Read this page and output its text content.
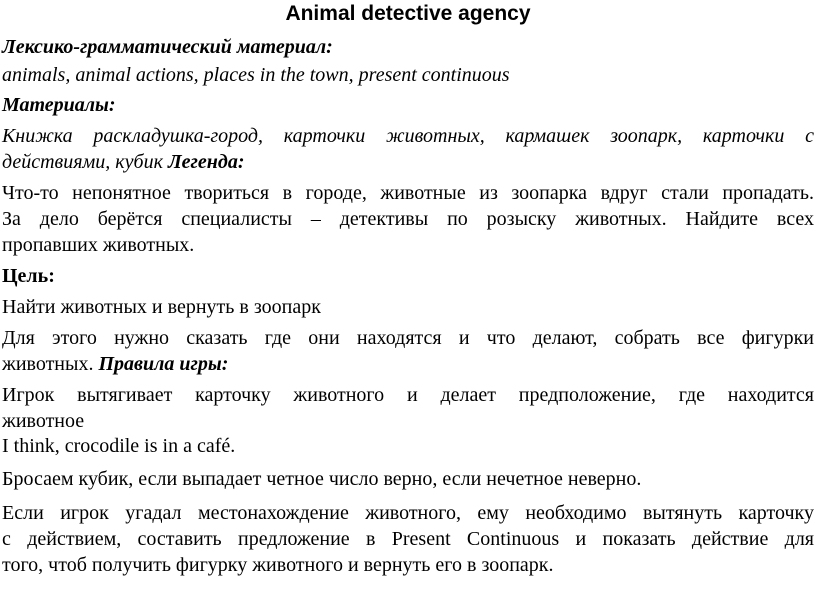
Animal detective agency
Лексико-грамматический материал:
animals, animal actions, places in the town, present continuous
Материалы:
Книжка раскладушка-город, карточки животных, кармашек зоопарк, карточки с
действиями, кубик Легенда:
Что-то непонятное твориться в городе, животные из зоопарка вдруг стали пропадать.
За дело берётся специалисты – детективы по розыску животных. Найдите всех
пропавших животных.
Цель:
Найти животных и вернуть в зоопарк
Для этого нужно сказать где они находятся и что делают, собрать все фигурки
животных. Правила игры:
Игрок вытягивает карточку животного и делает предположение, где находится
животное
I think, crocodile is in a café.
Бросаем кубик, если выпадает четное число верно, если нечетное неверно.
Если игрок угадал местонахождение животного, ему необходимо вытянуть карточку
с действием, составить предложение в Present Continuous и показать действие для
того, чтоб получить фигурку животного и вернуть его в зоопарк.
